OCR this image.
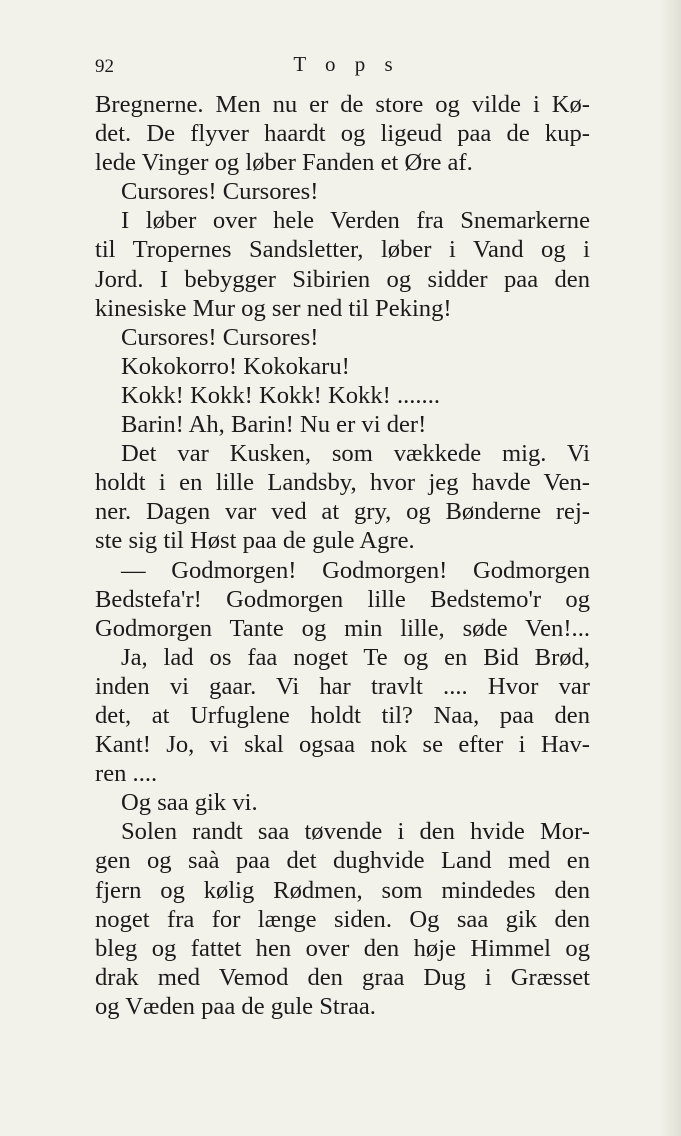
92	T o p s
Bregnerne. Men nu er de store og vilde i Kø-
det. De flyver haardt og ligeud paa de kup-
lede Vinger og løber Fanden et Øre af.
Cursores! Cursores!
I løber over hele Verden fra Snemarkerne
til Tropernes Sandsletter, løber i Vand og i
Jord. I bebygger Sibirien og sidder paa den
kinesiske Mur og ser ned til Peking!
Cursores! Cursores!
Kokokorro! Kokokaru!
Kokk! Kokk! Kokk! Kokk! .......
Barin! Ah, Barin! Nu er vi der!
Det var Kusken, som vækkede mig. Vi
holdt i en lille Landsby, hvor jeg havde Ven-
ner. Dagen var ved at gry, og Bønderne rej-
ste sig til Høst paa de gule Agre.
— Godmorgen! Godmorgen! Godmorgen
Bedstefa'r! Godmorgen lille Bedstemo'r og
Godmorgen Tante og min lille, søde Ven!...
Ja, lad os faa noget Te og en Bid Brød,
inden vi gaar. Vi har travlt .... Hvor var
det, at Urfuglene holdt til? Naa, paa den
Kant! Jo, vi skal ogsaa nok se efter i Hav-
ren ....
Og saa gik vi.
Solen randt saa tøvende i den hvide Mor-
gen og saà paa det dughvide Land med en
fjern og kølig Rødmen, som mindedes den
noget fra for længe siden. Og saa gik den
bleg og fattet hen over den høje Himmel og
drak med Vemod den graa Dug i Græsset
og Væden paa de gule Straa.
